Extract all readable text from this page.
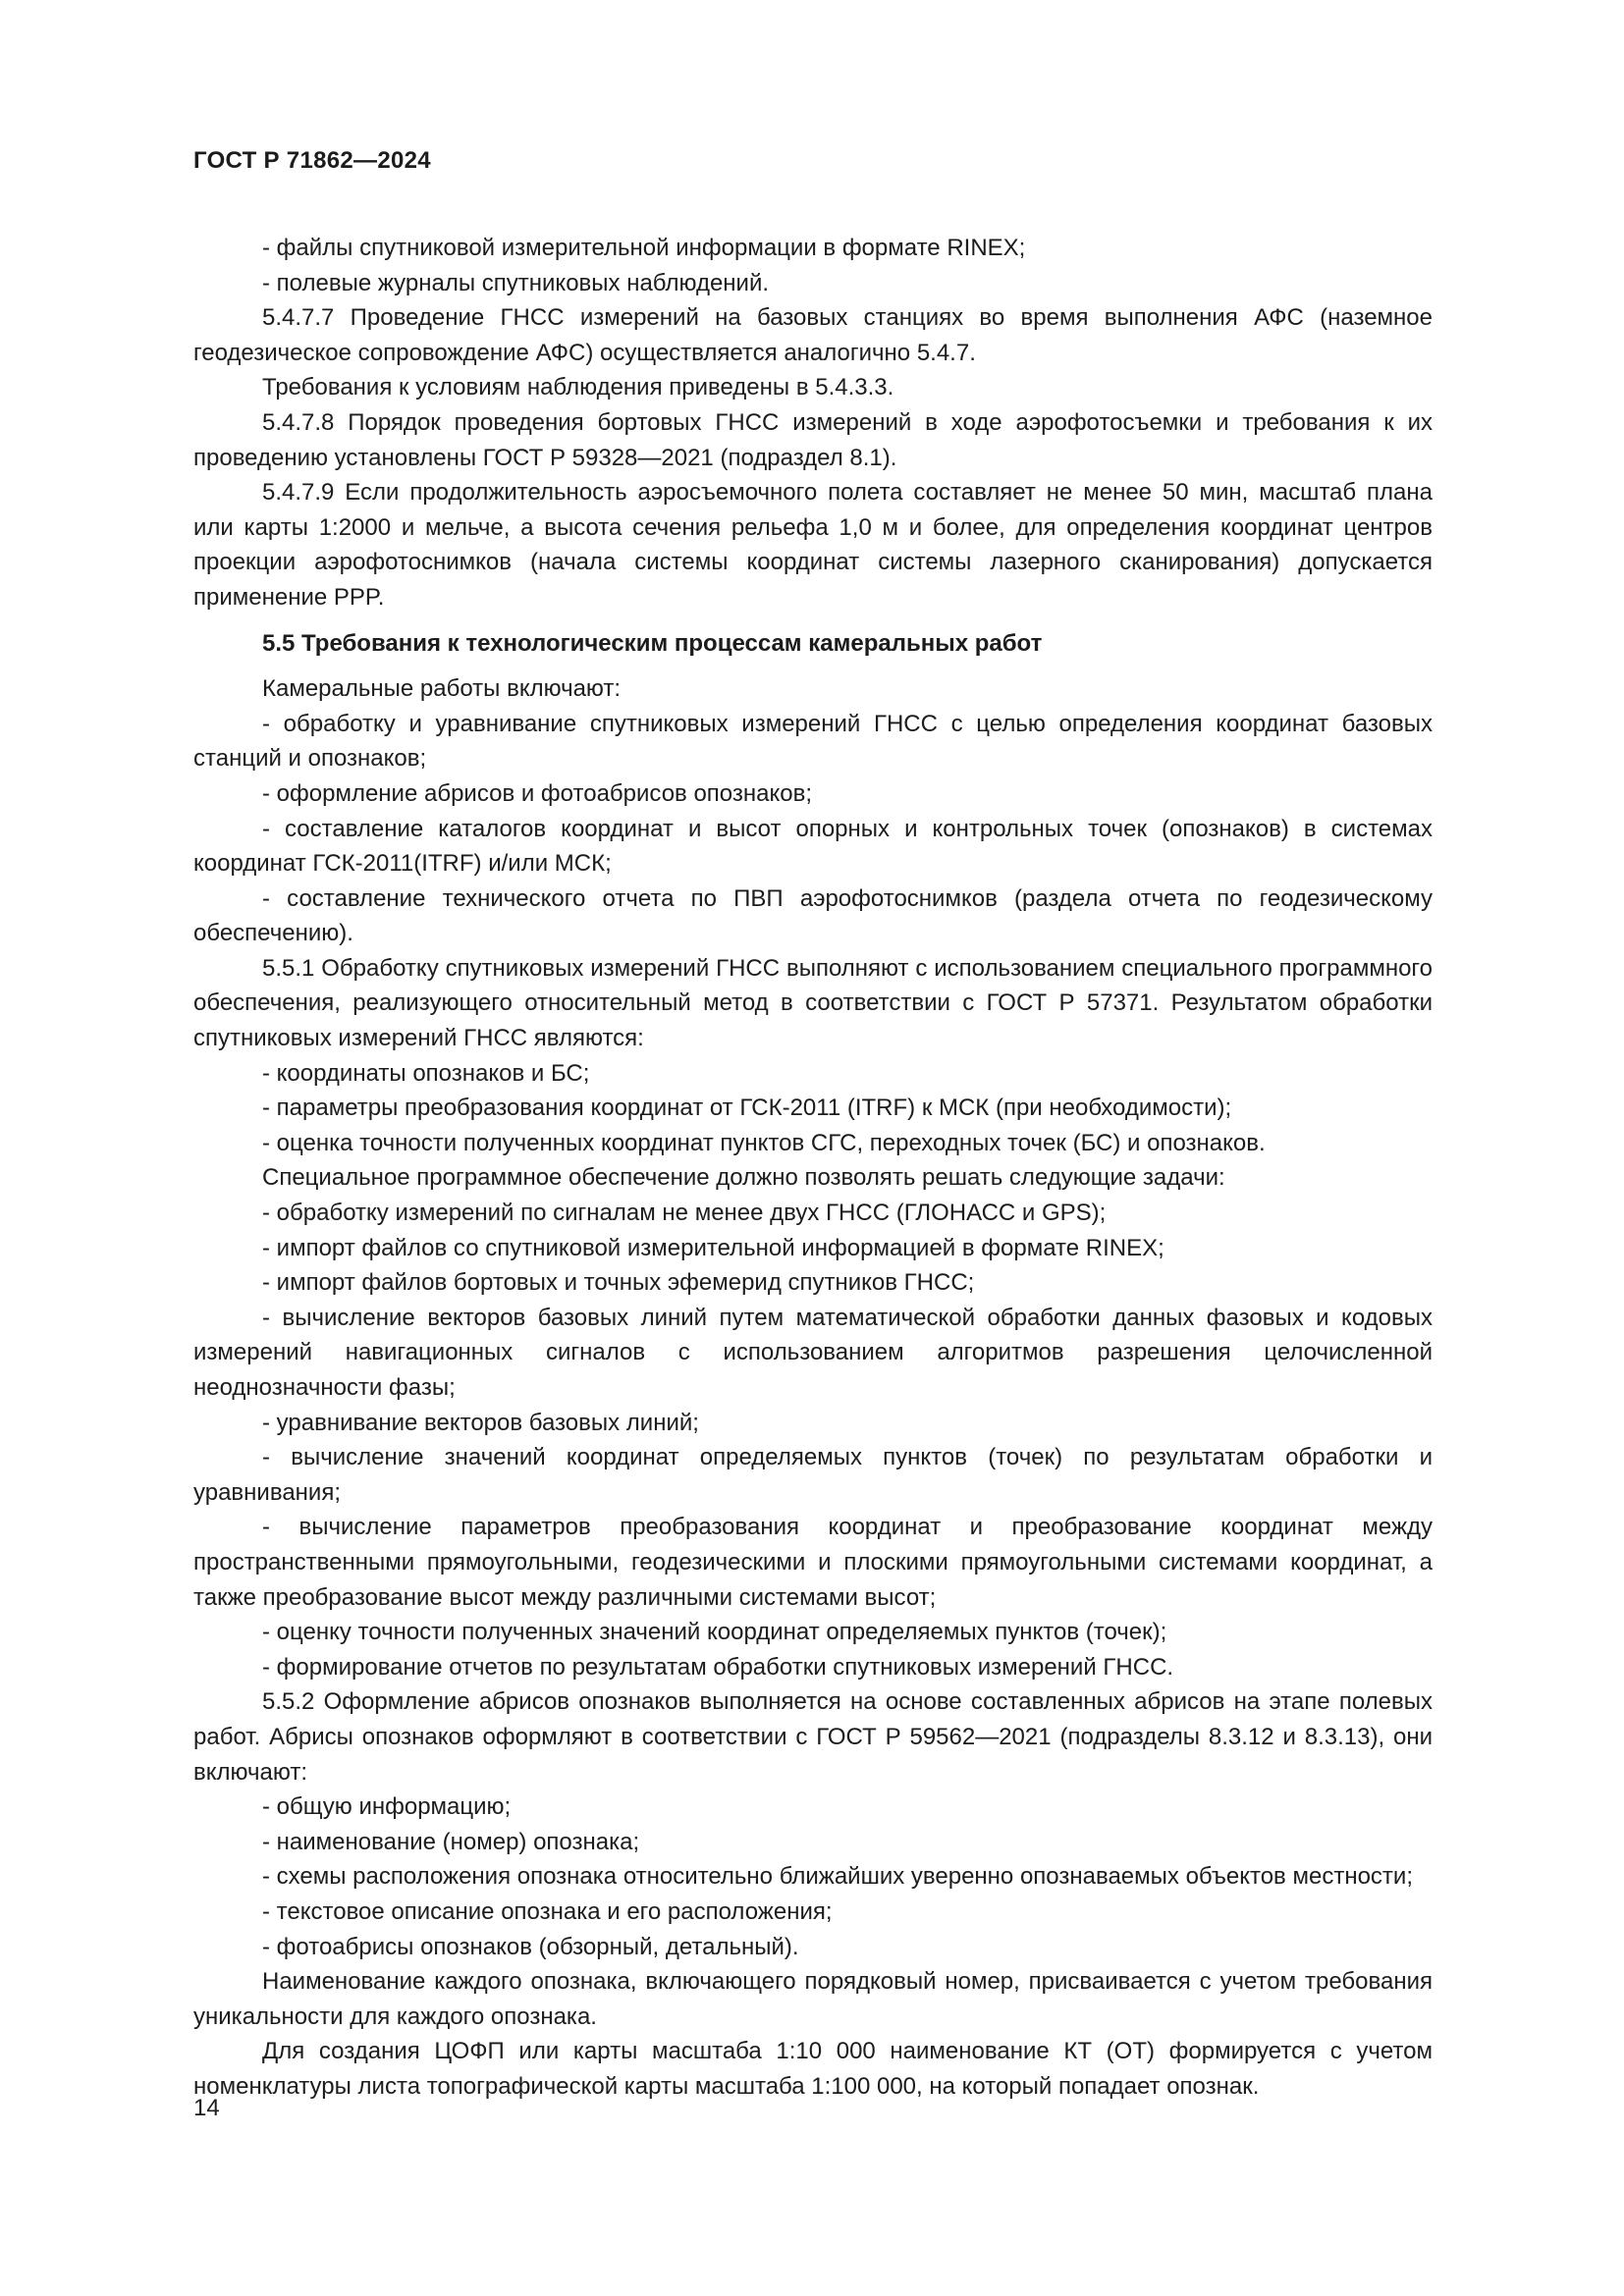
ГОСТ Р 71862—2024

- файлы спутниковой измерительной информации в формате RINEX;

- полевые журналы спутниковых наблюдений.

5.4.7.7 Проведение ГНСС измерений на базовых станциях во время выполнения АФС (наземное геодезическое сопровождение АФС) осуществляется аналогично 5.4.7.

Требования к условиям наблюдения приведены в 5.4.3.3.

5.4.7.8 Порядок проведения бортовых ГНСС измерений в ходе аэрофотосъемки и требования к их проведению установлены ГОСТ Р 59328—2021 (подраздел 8.1).

5.4.7.9 Если продолжительность аэросъемочного полета составляет не менее 50 мин, масштаб плана или карты 1:2000 и мельче, а высота сечения рельефа 1,0 м и более, для определения координат центров проекции аэрофотоснимков (начала системы координат системы лазерного сканирования) допускается применение PPP.

5.5 Требования к технологическим процессам камеральных работ

Камеральные работы включают:

- обработку и уравнивание спутниковых измерений ГНСС с целью определения координат базовых станций и опознаков;

- оформление абрисов и фотоабрисов опознаков;

- составление каталогов координат и высот опорных и контрольных точек (опознаков) в системах координат ГСК-2011(ITRF) и/или МСК;

- составление технического отчета по ПВП аэрофотоснимков (раздела отчета по геодезическому обеспечению).

5.5.1 Обработку спутниковых измерений ГНСС выполняют с использованием специального программного обеспечения, реализующего относительный метод в соответствии с ГОСТ Р 57371. Результатом обработки спутниковых измерений ГНСС являются:

- координаты опознаков и БС;

- параметры преобразования координат от ГСК-2011 (ITRF) к МСК (при необходимости);

- оценка точности полученных координат пунктов СГС, переходных точек (БС) и опознаков.

Специальное программное обеспечение должно позволять решать следующие задачи:

- обработку измерений по сигналам не менее двух ГНСС (ГЛОНАСС и GPS);

- импорт файлов со спутниковой измерительной информацией в формате RINEX;

- импорт файлов бортовых и точных эфемерид спутников ГНСС;

- вычисление векторов базовых линий путем математической обработки данных фазовых и кодовых измерений навигационных сигналов с использованием алгоритмов разрешения целочисленной неоднозначности фазы;

- уравнивание векторов базовых линий;

- вычисление значений координат определяемых пунктов (точек) по результатам обработки и уравнивания;

- вычисление параметров преобразования координат и преобразование координат между пространственными прямоугольными, геодезическими и плоскими прямоугольными системами координат, а также преобразование высот между различными системами высот;

- оценку точности полученных значений координат определяемых пунктов (точек);

- формирование отчетов по результатам обработки спутниковых измерений ГНСС.

5.5.2 Оформление абрисов опознаков выполняется на основе составленных абрисов на этапе полевых работ. Абрисы опознаков оформляют в соответствии с ГОСТ Р 59562—2021 (подразделы 8.3.12 и 8.3.13), они включают:

- общую информацию;

- наименование (номер) опознака;

- схемы расположения опознака относительно ближайших уверенно опознаваемых объектов местности;

- текстовое описание опознака и его расположения;

- фотоабрисы опознаков (обзорный, детальный).

Наименование каждого опознака, включающего порядковый номер, присваивается с учетом требования уникальности для каждого опознака.

Для создания ЦОФП или карты масштаба 1:10 000 наименование КТ (ОТ) формируется с учетом номенклатуры листа топографической карты масштаба 1:100 000, на который попадает опознак.

14
